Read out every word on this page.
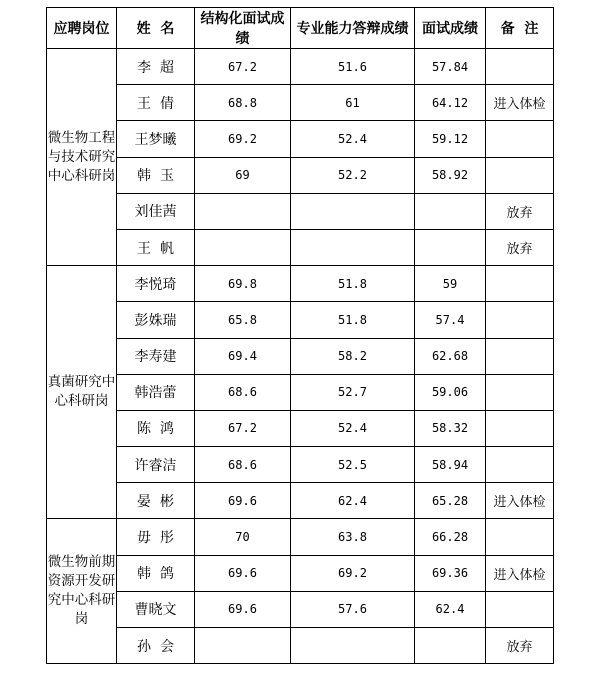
应聘岗位	姓  名	结构化面试成绩	专业能力答辩成绩	面试成绩	备  注
微生物工程与技术研究中心科研岗	李  超	67.2	51.6	57.84	
	王  倩	68.8	61	64.12	进入体检
	王梦曦	69.2	52.4	59.12	
	韩  玉	69	52.2	58.92	
	刘佳茜				放弃
	王  帆				放弃
真菌研究中心科研岗	李悦琦	69.8	51.8	59	
	彭姝瑞	65.8	51.8	57.4	
	李寿建	69.4	58.2	62.68	
	韩浩蕾	68.6	52.7	59.06	
	陈  鸿	67.2	52.4	58.32	
	许睿洁	68.6	52.5	58.94	
	晏  彬	69.6	62.4	65.28	进入体检
微生物前期资源开发研究中心科研岗	毋  彤	70	63.8	66.28	
	韩  鸽	69.6	69.2	69.36	进入体检
	曹晓文	69.6	57.6	62.4	
	孙  会				放弃
